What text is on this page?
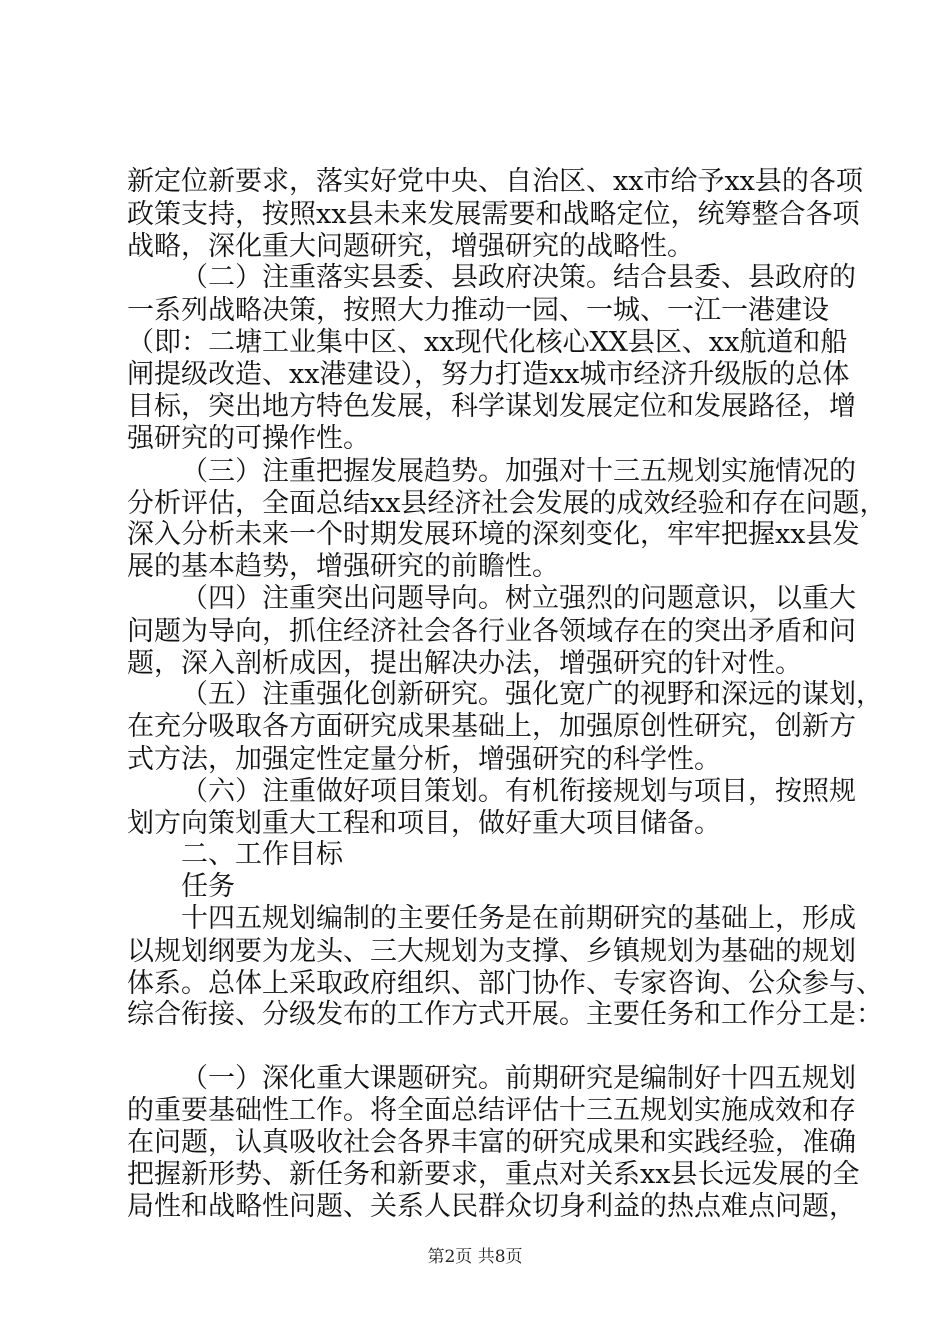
新定位新要求，落实好党中央、自治区、xx市给予xx县的各项
政策支持，按照xx县未来发展需要和战略定位，统筹整合各项
战略，深化重大问题研究，增强研究的战略性。
（二）注重落实县委、县政府决策。结合县委、县政府的
一系列战略决策，按照大力推动一园、一城、一江一港建设
（即：二塘工业集中区、xx现代化核心XX县区、xx航道和船
闸提级改造、xx港建设），努力打造xx城市经济升级版的总体
目标，突出地方特色发展，科学谋划发展定位和发展路径，增
强研究的可操作性。
（三）注重把握发展趋势。加强对十三五规划实施情况的
分析评估，全面总结xx县经济社会发展的成效经验和存在问题，
深入分析未来一个时期发展环境的深刻变化，牢牢把握xx县发
展的基本趋势，增强研究的前瞻性。
（四）注重突出问题导向。树立强烈的问题意识，以重大
问题为导向，抓住经济社会各行业各领域存在的突出矛盾和问
题，深入剖析成因，提出解决办法，增强研究的针对性。
（五）注重强化创新研究。强化宽广的视野和深远的谋划，
在充分吸取各方面研究成果基础上，加强原创性研究，创新方
式方法，加强定性定量分析，增强研究的科学性。
（六）注重做好项目策划。有机衔接规划与项目，按照规
划方向策划重大工程和项目，做好重大项目储备。
二、工作目标
任务
十四五规划编制的主要任务是在前期研究的基础上，形成
以规划纲要为龙头、三大规划为支撑、乡镇规划为基础的规划
体系。总体上采取政府组织、部门协作、专家咨询、公众参与、
综合衔接、分级发布的工作方式开展。主要任务和工作分工是：
（一）深化重大课题研究。前期研究是编制好十四五规划
的重要基础性工作。将全面总结评估十三五规划实施成效和存
在问题，认真吸收社会各界丰富的研究成果和实践经验，准确
把握新形势、新任务和新要求，重点对关系xx县长远发展的全
局性和战略性问题、关系人民群众切身利益的热点难点问题，
第2页 共8页
